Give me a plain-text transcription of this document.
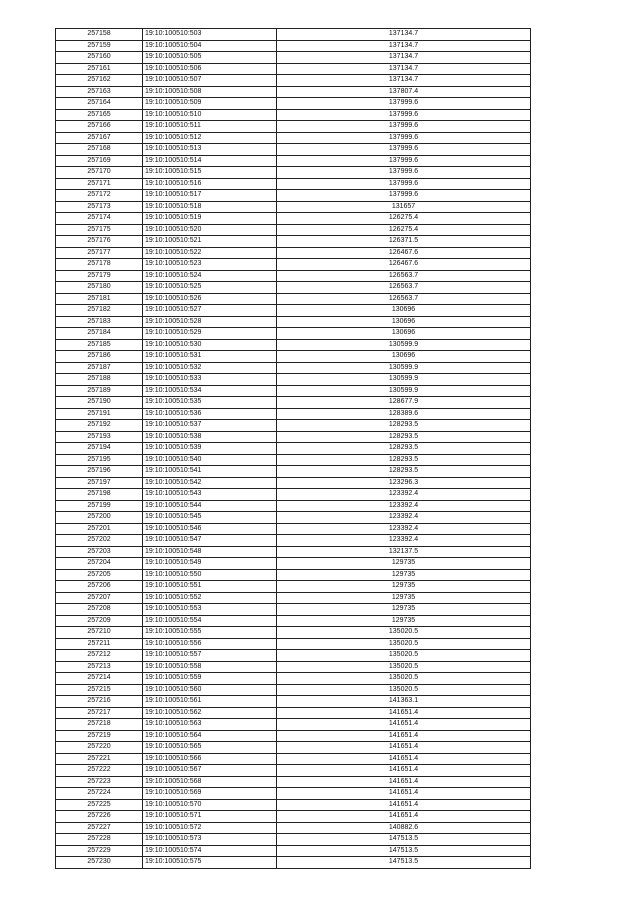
257158	19:10:100510:503	137134.7
257159	19:10:100510:504	137134.7
257160	19:10:100510:505	137134.7
257161	19:10:100510:506	137134.7
257162	19:10:100510:507	137134.7
257163	19:10:100510:508	137807.4
257164	19:10:100510:509	137999.6
257165	19:10:100510:510	137999.6
257166	19:10:100510:511	137999.6
257167	19:10:100510:512	137999.6
257168	19:10:100510:513	137999.6
257169	19:10:100510:514	137999.6
257170	19:10:100510:515	137999.6
257171	19:10:100510:516	137999.6
257172	19:10:100510:517	137999.6
257173	19:10:100510:518	131657
257174	19:10:100510:519	126275.4
257175	19:10:100510:520	126275.4
257176	19:10:100510:521	126371.5
257177	19:10:100510:522	126467.6
257178	19:10:100510:523	126467.6
257179	19:10:100510:524	126563.7
257180	19:10:100510:525	126563.7
257181	19:10:100510:526	126563.7
257182	19:10:100510:527	130696
257183	19:10:100510:528	130696
257184	19:10:100510:529	130696
257185	19:10:100510:530	130599.9
257186	19:10:100510:531	130696
257187	19:10:100510:532	130599.9
257188	19:10:100510:533	130599.9
257189	19:10:100510:534	130599.9
257190	19:10:100510:535	128677.9
257191	19:10:100510:536	128389.6
257192	19:10:100510:537	128293.5
257193	19:10:100510:538	128293.5
257194	19:10:100510:539	128293.5
257195	19:10:100510:540	128293.5
257196	19:10:100510:541	128293.5
257197	19:10:100510:542	123296.3
257198	19:10:100510:543	123392.4
257199	19:10:100510:544	123392.4
257200	19:10:100510:545	123392.4
257201	19:10:100510:546	123392.4
257202	19:10:100510:547	123392.4
257203	19:10:100510:548	132137.5
257204	19:10:100510:549	129735
257205	19:10:100510:550	129735
257206	19:10:100510:551	129735
257207	19:10:100510:552	129735
257208	19:10:100510:553	129735
257209	19:10:100510:554	129735
257210	19:10:100510:555	135020.5
257211	19:10:100510:556	135020.5
257212	19:10:100510:557	135020.5
257213	19:10:100510:558	135020.5
257214	19:10:100510:559	135020.5
257215	19:10:100510:560	135020.5
257216	19:10:100510:561	141363.1
257217	19:10:100510:562	141651.4
257218	19:10:100510:563	141651.4
257219	19:10:100510:564	141651.4
257220	19:10:100510:565	141651.4
257221	19:10:100510:566	141651.4
257222	19:10:100510:567	141651.4
257223	19:10:100510:568	141651.4
257224	19:10:100510:569	141651.4
257225	19:10:100510:570	141651.4
257226	19:10:100510:571	141651.4
257227	19:10:100510:572	140882.6
257228	19:10:100510:573	147513.5
257229	19:10:100510:574	147513.5
257230	19:10:100510:575	147513.5
